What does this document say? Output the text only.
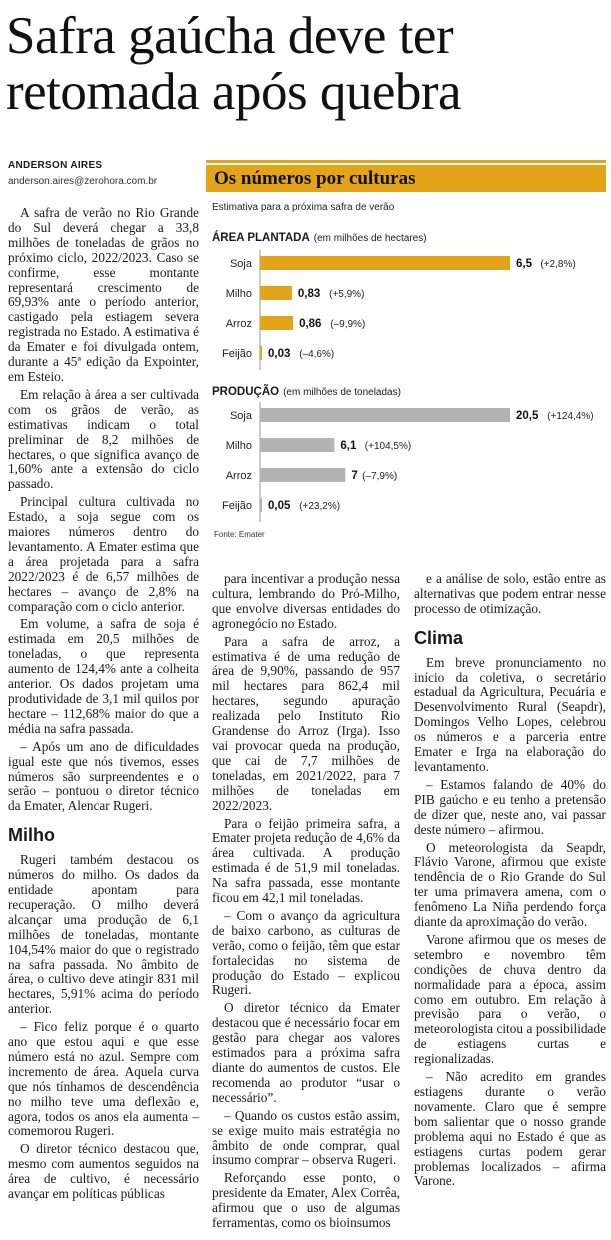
Safra gaúcha deve ter retomada após quebra
ANDERSON AIRES
anderson.aires@zerohora.com.br

A safra de verão no Rio Grande do Sul deverá chegar a 33,8 milhões de toneladas de grãos no próximo ciclo, 2022/2023. Caso se confirme, esse montante representará crescimento de 69,93% ante o período anterior, castigado pela estiagem severa registrada no Estado. A estimativa é da Emater e foi divulgada ontem, durante a 45ª edição da Expointer, em Esteio.

Em relação à área a ser cultivada com os grãos de verão, as estimativas indicam o total preliminar de 8,2 milhões de hectares, o que significa avanço de 1,60% ante a extensão do ciclo passado.

Principal cultura cultivada no Estado, a soja segue com os maiores números dentro do levantamento. A Emater estima que a área projetada para a safra 2022/2023 é de 6,57 milhões de hectares – avanço de 2,8% na comparação com o ciclo anterior.

Em volume, a safra de soja é estimada em 20,5 milhões de toneladas, o que representa aumento de 124,4% ante a colheita anterior. Os dados projetam uma produtividade de 3,1 mil quilos por hectare – 112,68% maior do que a média na safra passada.

– Após um ano de dificuldades igual este que nós tivemos, esses números são surpreendentes e o serão – pontuou o diretor técnico da Emater, Alencar Rugeri.

Milho

Rugeri também destacou os números do milho. Os dados da entidade apontam para recuperação. O milho deverá alcançar uma produção de 6,1 milhões de toneladas, montante 104,54% maior do que o registrado na safra passada. No âmbito de área, o cultivo deve atingir 831 mil hectares, 5,91% acima do período anterior.

– Fico feliz porque é o quarto ano que estou aqui e que esse número está no azul. Sempre com incremento de área. Aquela curva que nós tínhamos de descendência no milho teve uma deflexão e, agora, todos os anos ela aumenta – comemorou Rugeri.

O diretor técnico destacou que, mesmo com aumentos seguidos na área de cultivo, é necessário avançar em políticas públicas

para incentivar a produção nessa cultura, lembrando do Pró-Milho, que envolve diversas entidades do agronegócio no Estado.

Para a safra de arroz, a estimativa é de uma redução de área de 9,90%, passando de 957 mil hectares para 862,4 mil hectares, segundo apuração realizada pelo Instituto Rio Grandense do Arroz (Irga). Isso vai provocar queda na produção, que cai de 7,7 milhões de toneladas, em 2021/2022, para 7 milhões de toneladas em 2022/2023.

Para o feijão primeira safra, a Emater projeta redução de 4,6% da área cultivada. A produção estimada é de 51,9 mil toneladas. Na safra passada, esse montante ficou em 42,1 mil toneladas.

– Com o avanço da agricultura de baixo carbono, as culturas de verão, como o feijão, têm que estar fortalecidas no sistema de produção do Estado – explicou Rugeri.

O diretor técnico da Emater destacou que é necessário focar em gestão para chegar aos valores estimados para a próxima safra diante do aumentos de custos. Ele recomenda ao produtor “usar o necessário”.

– Quando os custos estão assim, se exige muito mais estratégia no âmbito de onde comprar, qual insumo comprar – observa Rugeri.

Reforçando esse ponto, o presidente da Emater, Alex Corrêa, afirmou que o uso de algumas ferramentas, como os bioinsumos

e a análise de solo, estão entre as alternativas que podem entrar nesse processo de otimização.

Clima

Em breve pronunciamento no início da coletiva, o secretário estadual da Agricultura, Pecuária e Desenvolvimento Rural (Seapdr), Domingos Velho Lopes, celebrou os números e a parceria entre Emater e Irga na elaboração do levantamento.

– Estamos falando de 40% do PIB gaúcho e eu tenho a pretensão de dizer que, neste ano, vai passar deste número – afirmou.

O meteorologista da Seapdr, Flávio Varone, afirmou que existe tendência de o Rio Grande do Sul ter uma primavera amena, com o fenômeno La Niña perdendo força diante da aproximação do verão.

Varone afirmou que os meses de setembro e novembro têm condições de chuva dentro da normalidade para a época, assim como em outubro. Em relação à previsão para o verão, o meteorologista citou a possibilidade de estiagens curtas e regionalizadas.

– Não acredito em grandes estiagens durante o verão novamente. Claro que é sempre bom salientar que o nosso grande problema aqui no Estado é que as estiagens curtas podem gerar problemas localizados – afirma Varone.

Os números por culturas
Estimativa para a próxima safra de verão
ÁREA PLANTADA (em milhões de hectares)
Soja	6,5 (+2,8%)
Milho	0,83 (+5,9%)
Arroz	0,86 (–9,9%)
Feijão 0,03 (–4,6%)
PRODUÇÃO (em milhões de toneladas)
Soja	20,5 (+124,4%)
Milho	6,1 (+104,5%)
Arroz	7 (–7,9%)
Feijão 0,05 (+23,2%)
Fonte: Emater
